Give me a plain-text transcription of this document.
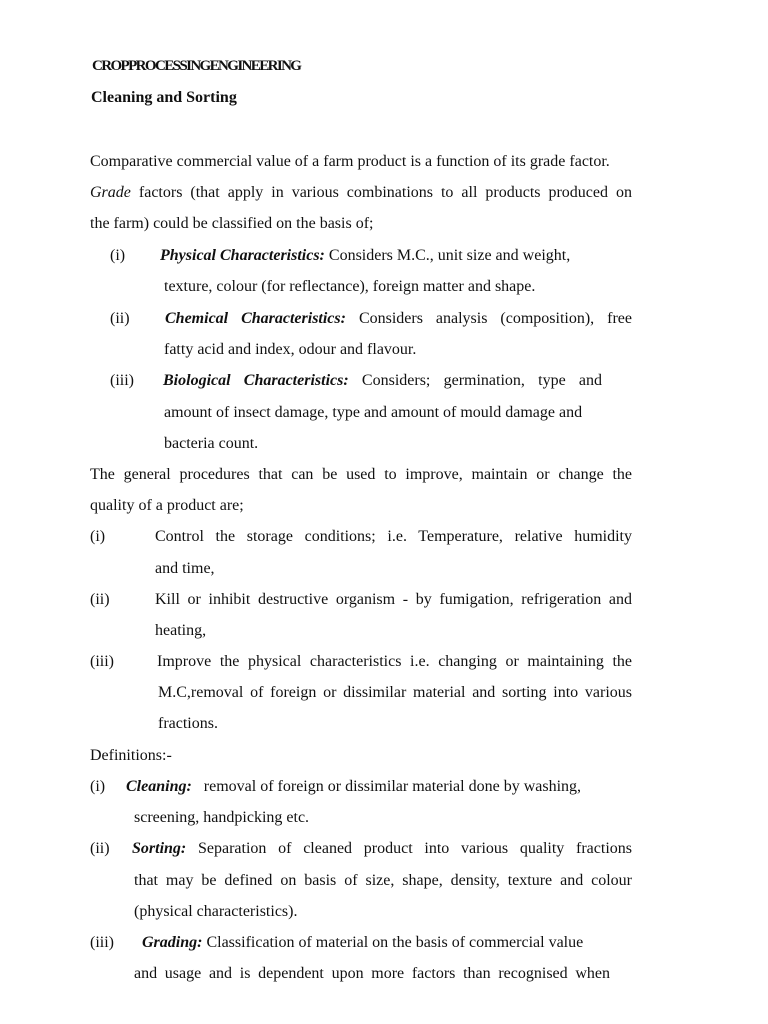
CROPPROCESSINGENGINEERING
Cleaning and Sorting
Comparative commercial value of a farm product is a function of its grade factor.
Grade factors (that apply in various combinations to all products produced on
the farm) could be classified on the basis of;
(i) Physical Characteristics: Considers M.C., unit size and weight,
texture, colour (for reflectance), foreign matter and shape.
(ii) Chemical Characteristics: Considers analysis (composition), free
fatty acid and index, odour and flavour.
(iii) Biological Characteristics: Considers; germination, type and
amount of insect damage, type and amount of mould damage and
bacteria count.
The general procedures that can be used to improve, maintain or change the
quality of a product are;
(i)	Control the storage conditions; i.e. Temperature, relative humidity
and time,
(ii)	Kill or inhibit destructive organism - by fumigation, refrigeration and
heating,
(iii)	Improve the physical characteristics i.e. changing or maintaining the
M.C,removal of foreign or dissimilar material and sorting into various
fractions.
Definitions:-
(i) Cleaning: removal of foreign or dissimilar material done by washing,
screening, handpicking etc.
(ii) Sorting: Separation of cleaned product into various quality fractions
that may be defined on basis of size, shape, density, texture and colour
(physical characteristics).
(iii) Grading: Classification of material on the basis of commercial value
and usage and is dependent upon more factors than recognised when
